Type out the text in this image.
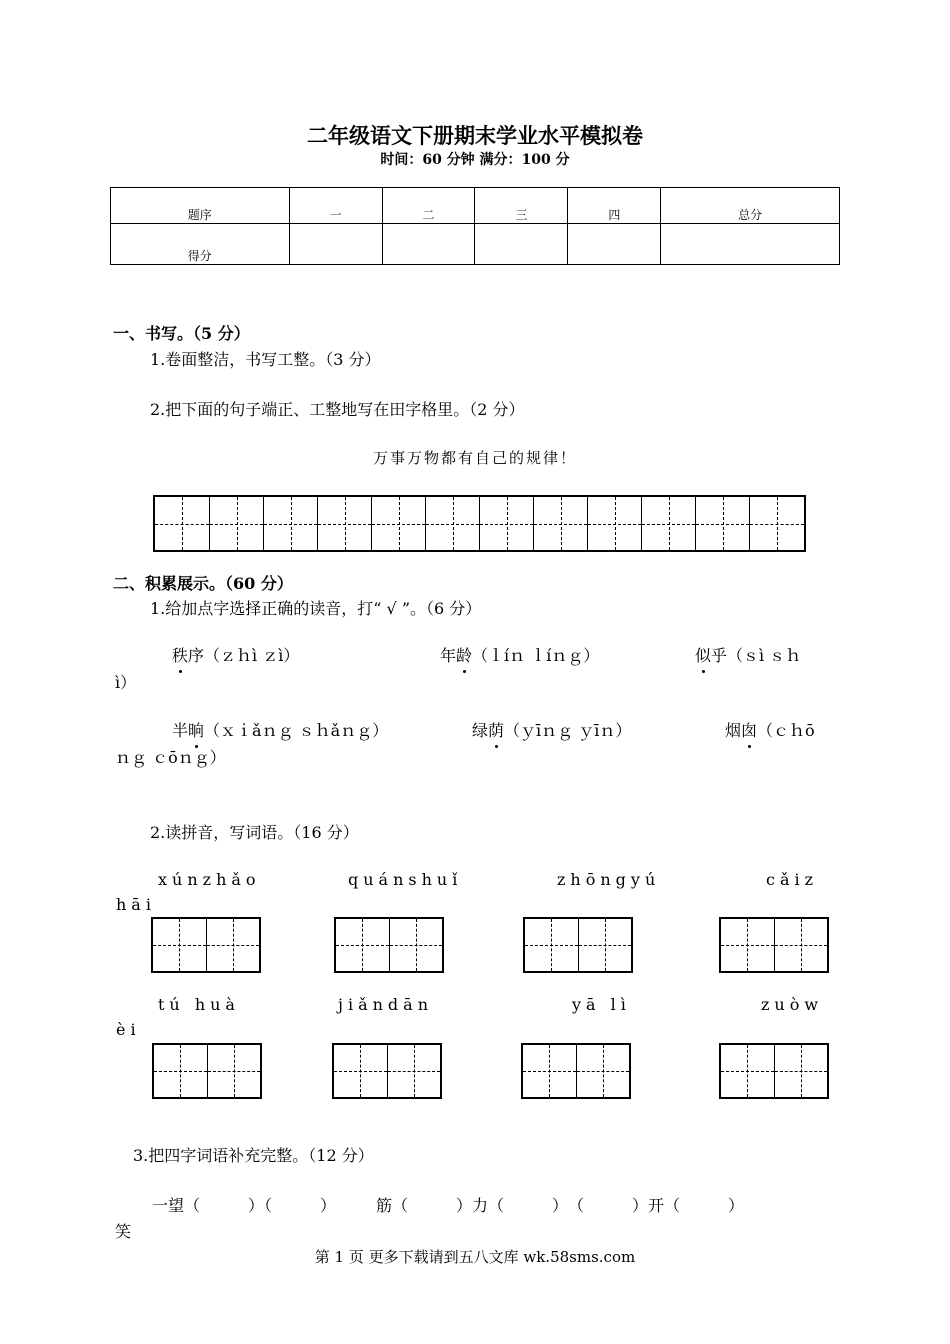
二年级语文下册期末学业水平模拟卷
时间：60 分钟 满分：100 分
题序	一	二	三	四	总分
得分					
一、书写。（5 分）
1.卷面整洁，书写工整。（3 分）
2.把下面的句子端正、工整地写在田字格里。（2 分）
万事万物都有自己的规律！
二、积累展示。（60 分）
1.给加点字选择正确的读音，打“ √ ”。（6 分）
秩序（ｚｈì ｚì）	年龄（ｌíｎ ｌíｎｇ）	似乎（ｓì ｓｈ
ì）
半晌（ｘｉǎｎｇ ｓｈǎｎｇ）	绿荫（ｙīｎｇ ｙīｎ）	烟囱（ｃｈō
ｎｇ ｃōｎｇ）
2.读拼音，写词语。（16 分）
xúnzhǎo	quánshuǐ	zhōngyú	cǎiz
hāi
tú huà	jiǎndān	yā lì	zuòw
èi
3.把四字词语补充完整。（12 分）
一望（　　　）（　　　）　　　筋（　　　）力（　　　）　（　　　）开（　　　）
笑
第 1 页 更多下载请到五八文库 wk.58sms.com
